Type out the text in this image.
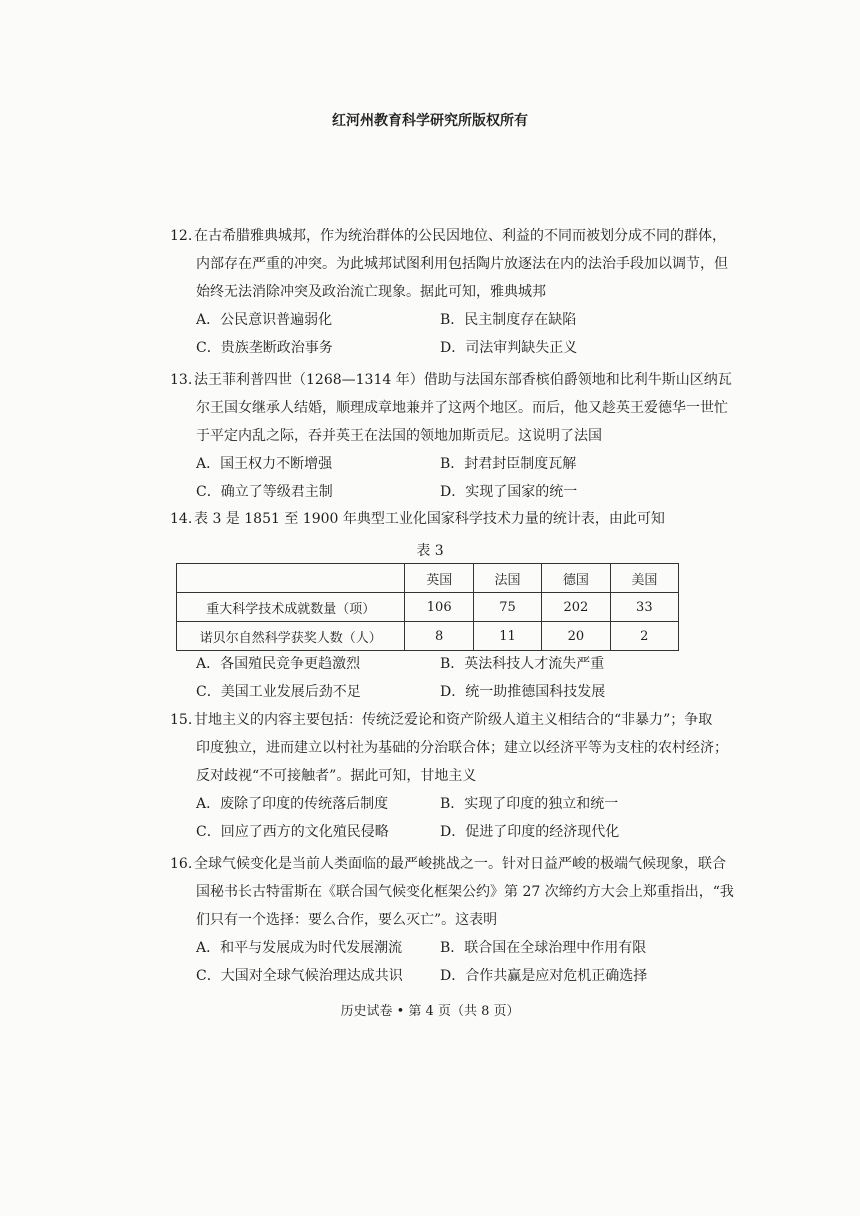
红河州教育科学研究所版权所有
12. 在古希腊雅典城邦，作为统治群体的公民因地位、利益的不同而被划分成不同的群体，
内部存在严重的冲突。为此城邦试图利用包括陶片放逐法在内的法治手段加以调节，但
始终无法消除冲突及政治流亡现象。据此可知，雅典城邦
A．公民意识普遍弱化	B．民主制度存在缺陷
C．贵族垄断政治事务	D．司法审判缺失正义
13. 法王菲利普四世（1268—1314 年）借助与法国东部香槟伯爵领地和比利牛斯山区纳瓦
尔王国女继承人结婚，顺理成章地兼并了这两个地区。而后，他又趁英王爱德华一世忙
于平定内乱之际，吞并英王在法国的领地加斯贡尼。这说明了法国
A．国王权力不断增强	B．封君封臣制度瓦解
C．确立了等级君主制	D．实现了国家的统一
14. 表 3 是 1851 至 1900 年典型工业化国家科学技术力量的统计表，由此可知
表 3
	英国	法国	德国	美国
重大科学技术成就数量（项）	106	75	202	33
诺贝尔自然科学获奖人数（人）	8	11	20	2
A．各国殖民竞争更趋激烈	B．英法科技人才流失严重
C．美国工业发展后劲不足	D．统一助推德国科技发展
15. 甘地主义的内容主要包括：传统泛爱论和资产阶级人道主义相结合的“非暴力”；争取
印度独立，进而建立以村社为基础的分治联合体；建立以经济平等为支柱的农村经济；
反对歧视“不可接触者”。据此可知，甘地主义
A．废除了印度的传统落后制度	B．实现了印度的独立和统一
C．回应了西方的文化殖民侵略	D．促进了印度的经济现代化
16. 全球气候变化是当前人类面临的最严峻挑战之一。针对日益严峻的极端气候现象，联合
国秘书长古特雷斯在《联合国气候变化框架公约》第 27 次缔约方大会上郑重指出，“我
们只有一个选择：要么合作，要么灭亡”。这表明
A．和平与发展成为时代发展潮流	B．联合国在全球治理中作用有限
C．大国对全球气候治理达成共识	D．合作共赢是应对危机正确选择
历史试卷 • 第 4 页（共 8 页）
